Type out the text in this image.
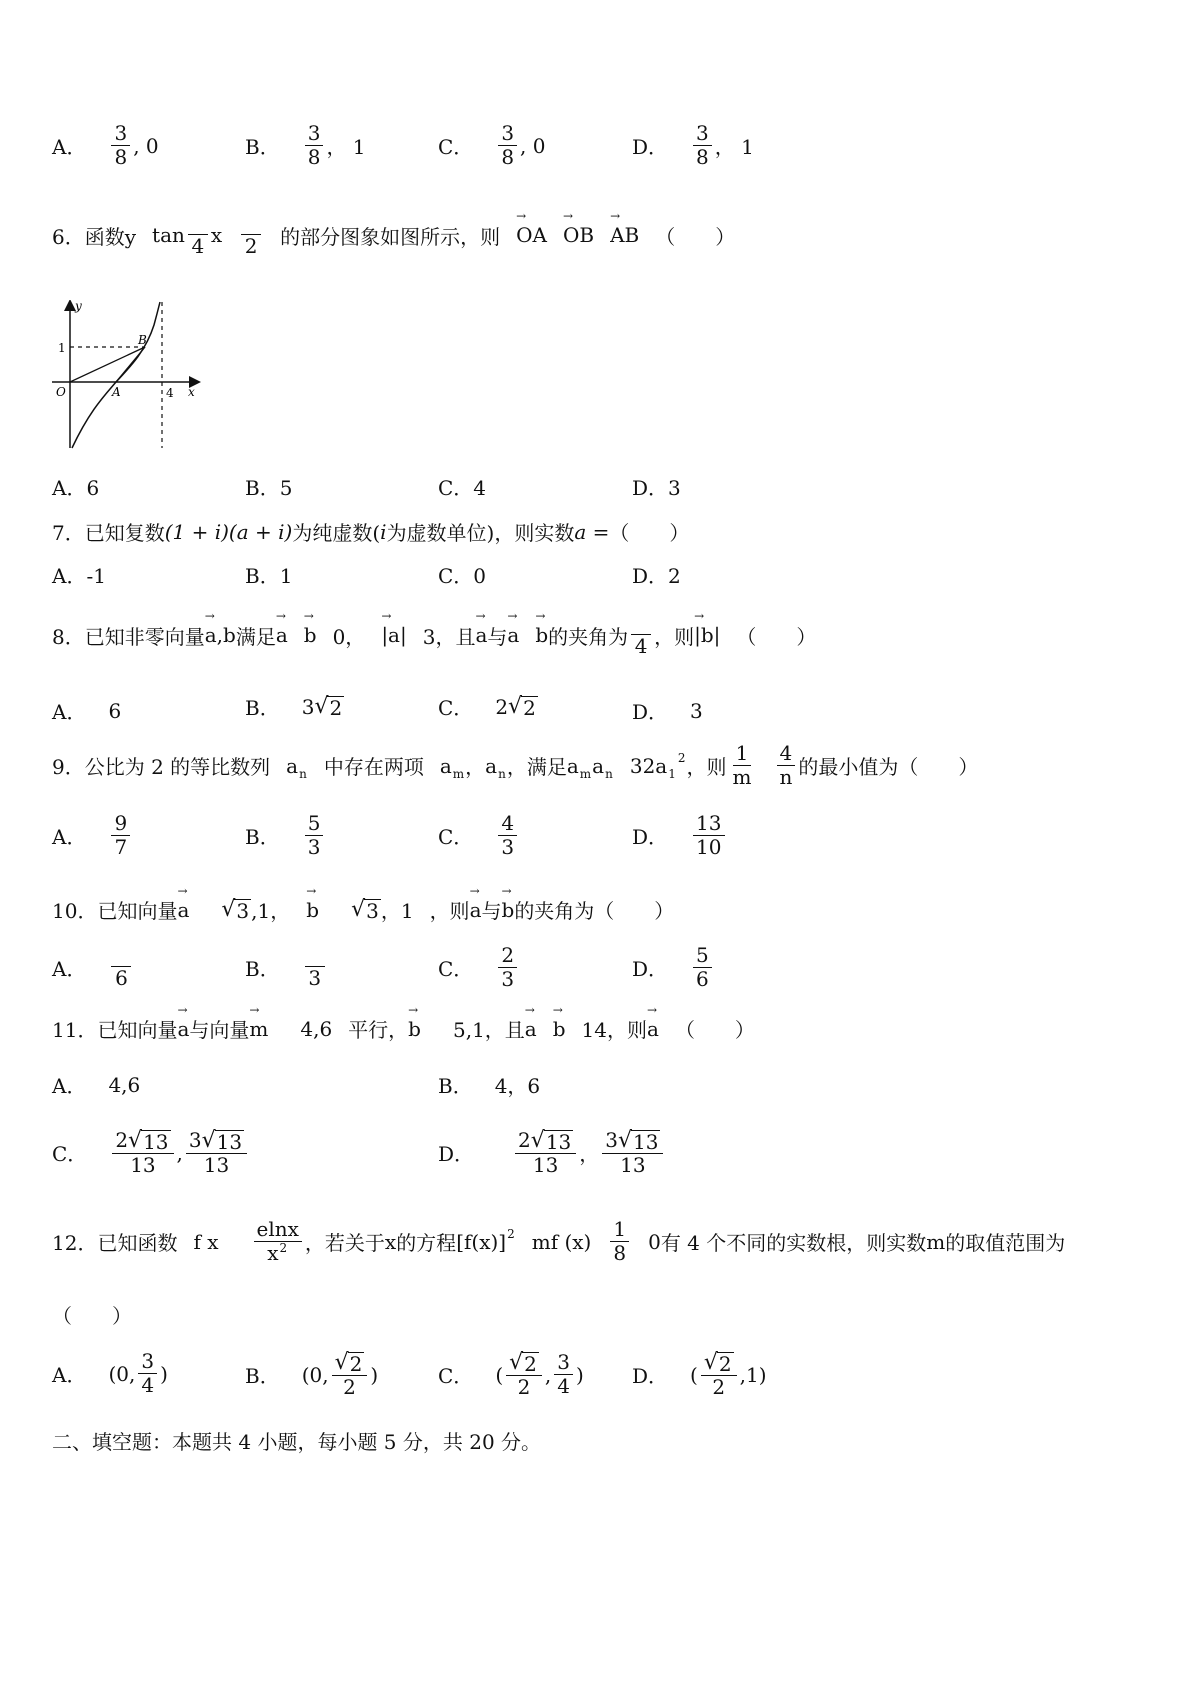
A． $\frac{3}{8}$ , 0	B． $\frac{3}{8}$ ， 1	C． $\frac{3}{8}$ , 0	D． $\frac{3}{8}$ ， 1
6．函数y tan 4 x 2 的部分图象如图所示，则 → OA → OB → AB （　　）
y
x
1
4
O	A
B
A．6	B．5	C．4	D．3
7．已知复数 (1 + i)(a + i) 为纯虚数( i 为虚数单位)，则实数 a = （　　）
A．-1	B．1	C．0	D．2
8．已知非零向量 → a,b 满足 → a → b 0， → |a| 3，且 → a 与 → a → b 的夹角为 4 ，则 → |b| （　　）
A． 6	B． 3 √ 2	C． 2 √ 2	D． 3
9．公比为 2 的等比数列 a n 中存在两项 a m ， a n ，满足 a m a n 32a 1
2 ，则 $\frac{1}{m} \frac{4}{n}$ 的最小值为（　　）
A． $\frac{9}{7}$	B． $\frac{5}{3}$	C． $\frac{4}{3}$	D． $\frac{13}{10}$
10．已知向量 → a √ 3 ,1， → b √ 3 ，1 ，则 → a 与 → b 的夹角为（　　）
A． 6	B． 3	C． $\frac{2}{3}$	D． $\frac{5}{6}$
11．已知向量 → a 与向量 → m 4,6 平行， → b 5,1，且 → a → b 14，则 → a （　　）
A． 4,6	B． 4，6
C． $\frac{2 √ 13}{13}$ , $\frac{3 √ 13}{13}$	D． $\frac{2 √ 13}{13}$ ， $\frac{3 √ 13}{13}$
12．已知函数 f x $\frac{elnx}{x^2}$ ，若关于 x 的方程 [f(x)] 2 mf $(x) \frac{1}{8} 0$ 有 4 个不同的实数根，则实数 m 的取值范围为
（　　）
A． (0, $\frac{3}{4}$ )	B． (0, $\frac{√ 2}{2}$ )	C． ( $\frac{√ 2}{2}$ , $\frac{3}{4}$ ) D． ( $\frac{√ 2}{2} ,1$)
二、填空题：本题共 4 小题，每小题 5 分，共 20 分。
